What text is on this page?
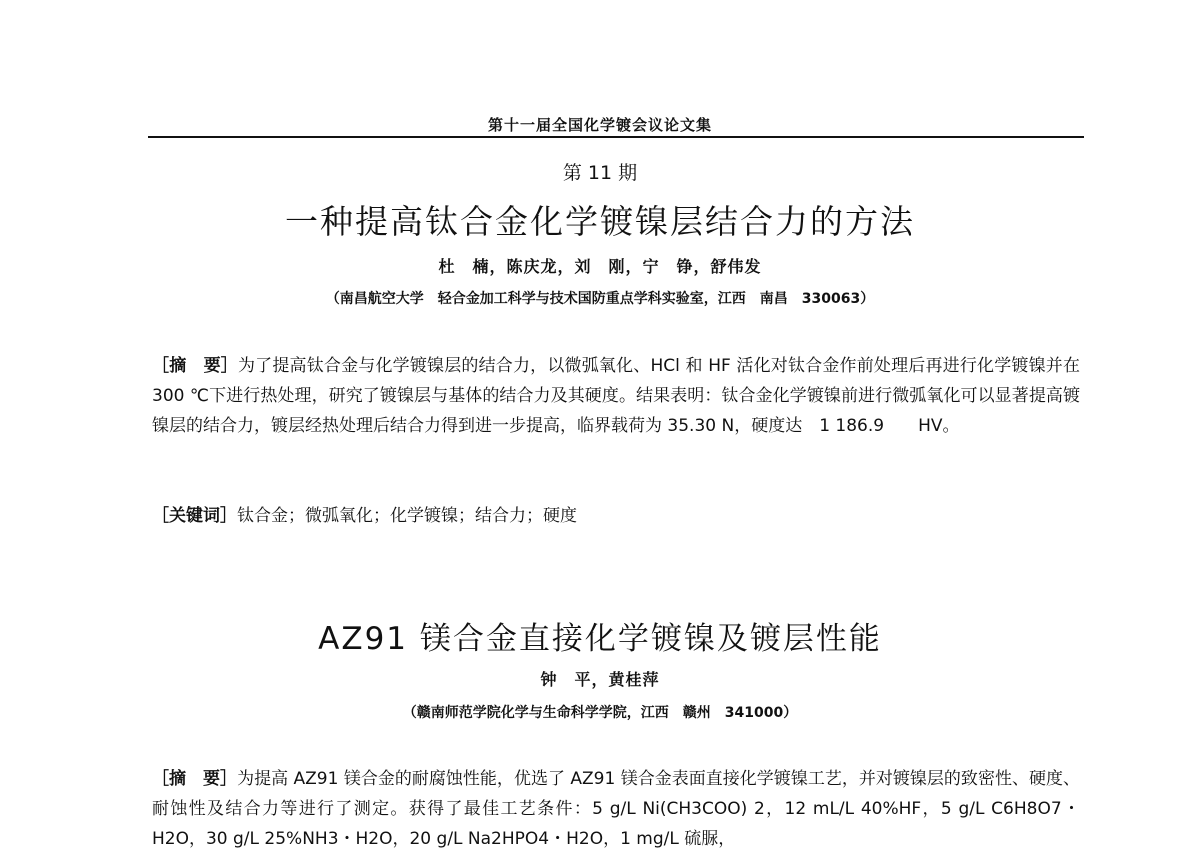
第十一届全国化学镀会议论文集
第 11 期
一种提高钛合金化学镀镍层结合力的方法
杜　楠，陈庆龙，刘　刚，宁　铮，舒伟发
（南昌航空大学　轻合金加工科学与技术国防重点学科实验室，江西　南昌　330063）
［摘　要］为了提高钛合金与化学镀镍层的结合力，以微弧氧化、HCl 和 HF 活化对钛合金作前处理后再进行化学镀镍并在 300 ℃下进行热处理，研究了镀镍层与基体的结合力及其硬度。结果表明：钛合金化学镀镍前进行微弧氧化可以显著提高镀镍层的结合力，镀层经热处理后结合力得到进一步提高，临界载荷为 35.30 N，硬度达　1 186.9　　HV。
［关键词］钛合金；微弧氧化；化学镀镍；结合力；硬度
AZ91 镁合金直接化学镀镍及镀层性能
钟　平，黄桂萍
（赣南师范学院化学与生命科学学院，江西　赣州　341000）
［摘　要］为提高 AZ91 镁合金的耐腐蚀性能，优选了 AZ91 镁合金表面直接化学镀镍工艺，并对镀镍层的致密性、硬度、耐蚀性及结合力等进行了测定。获得了最佳工艺条件：5 g/L Ni(CH3COO) 2，12 mL/L 40%HF，5 g/L C6H8O7・H2O，30 g/L 25%NH3・H2O，20 g/L Na2HPO4・H2O，1 mg/L 硫脲，
